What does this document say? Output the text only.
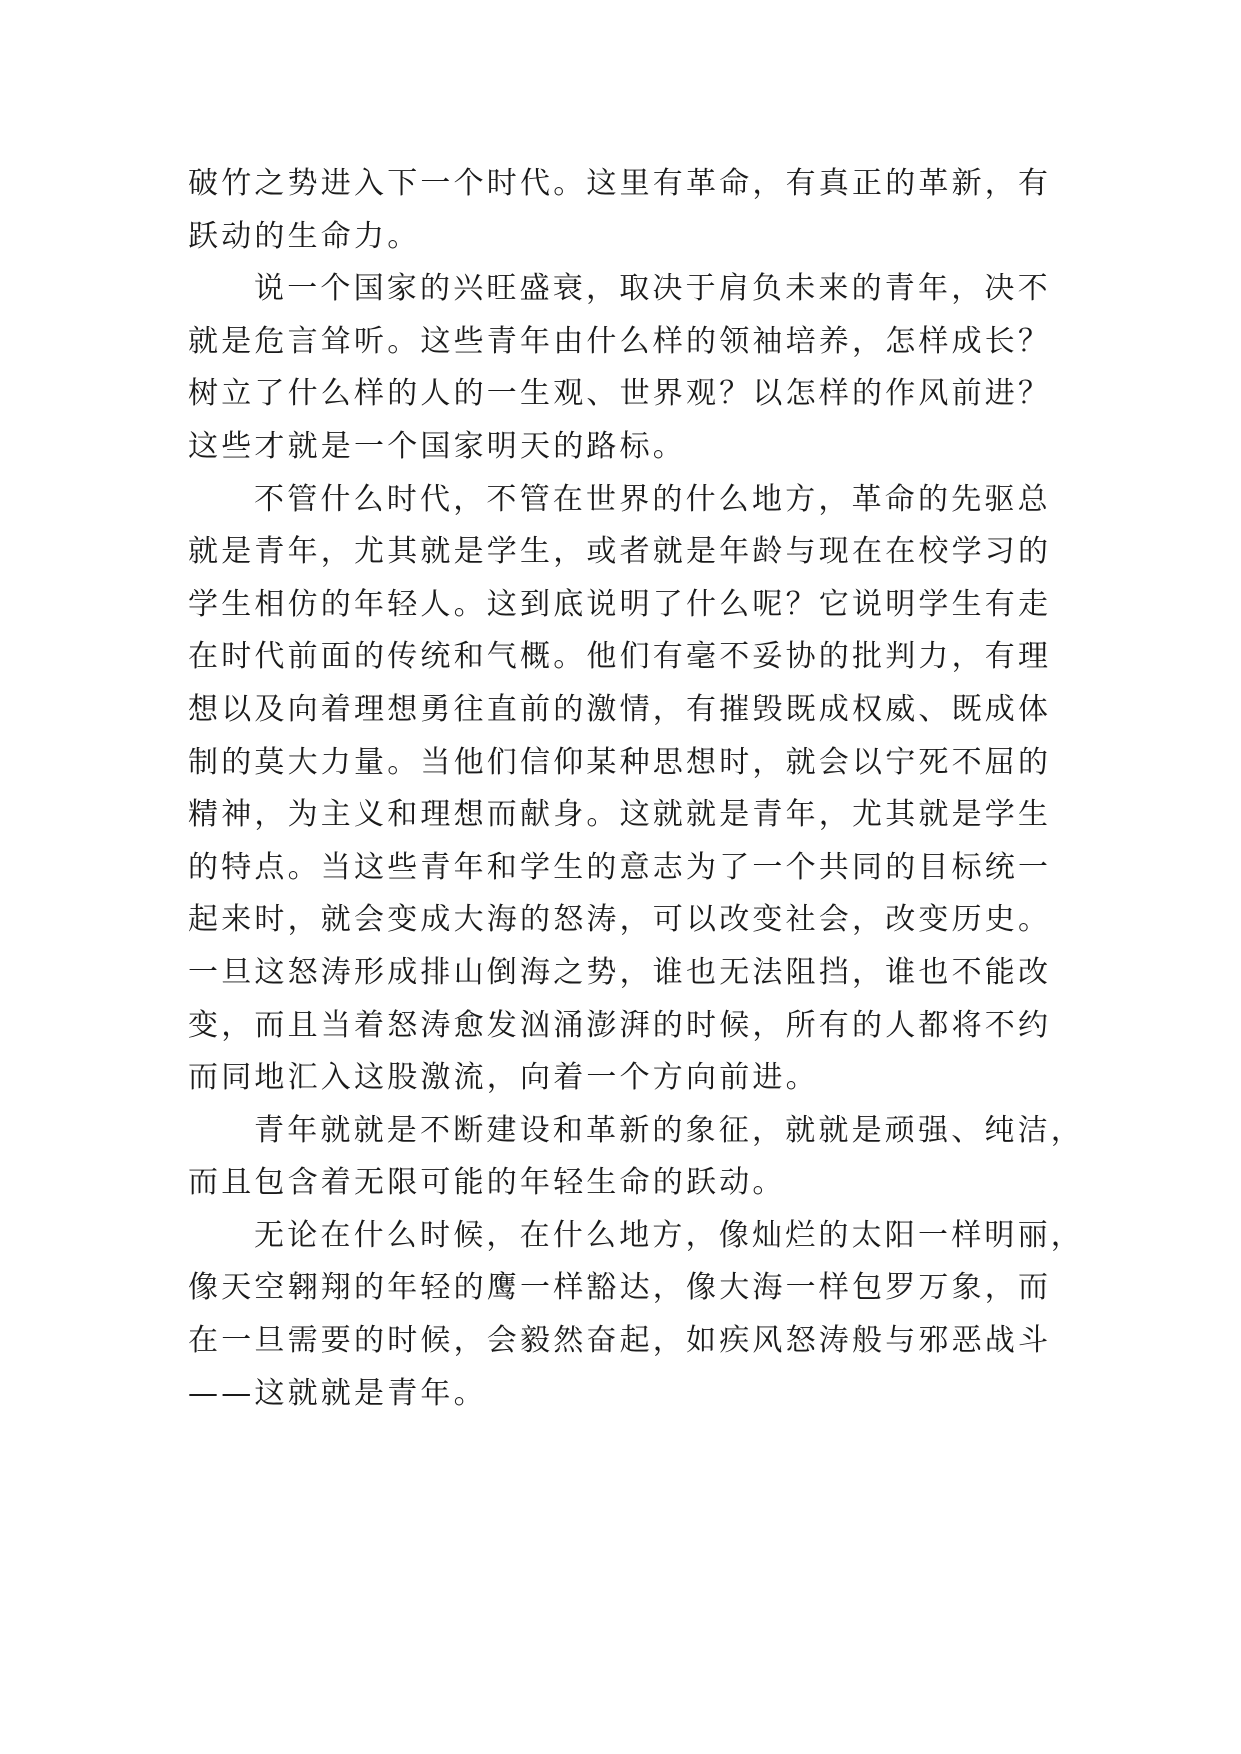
破竹之势进入下一个时代。这里有革命，有真正的革新，有
跃动的生命力。
说一个国家的兴旺盛衰，取决于肩负未来的青年，决不
就是危言耸听。这些青年由什么样的领袖培养，怎样成长？
树立了什么样的人的一生观、世界观？以怎样的作风前进？
这些才就是一个国家明天的路标。
不管什么时代，不管在世界的什么地方，革命的先驱总
就是青年，尤其就是学生，或者就是年龄与现在在校学习的
学生相仿的年轻人。这到底说明了什么呢？它说明学生有走
在时代前面的传统和气概。他们有毫不妥协的批判力，有理
想以及向着理想勇往直前的激情，有摧毁既成权威、既成体
制的莫大力量。当他们信仰某种思想时，就会以宁死不屈的
精神，为主义和理想而献身。这就就是青年，尤其就是学生
的特点。当这些青年和学生的意志为了一个共同的目标统一
起来时，就会变成大海的怒涛，可以改变社会，改变历史。
一旦这怒涛形成排山倒海之势，谁也无法阻挡，谁也不能改
变，而且当着怒涛愈发汹涌澎湃的时候，所有的人都将不约
而同地汇入这股激流，向着一个方向前进。
青年就就是不断建设和革新的象征，就就是顽强、纯洁，
而且包含着无限可能的年轻生命的跃动。
无论在什么时候，在什么地方，像灿烂的太阳一样明丽，
像天空翱翔的年轻的鹰一样豁达，像大海一样包罗万象，而
在一旦需要的时候，会毅然奋起，如疾风怒涛般与邪恶战斗
——这就就是青年。
